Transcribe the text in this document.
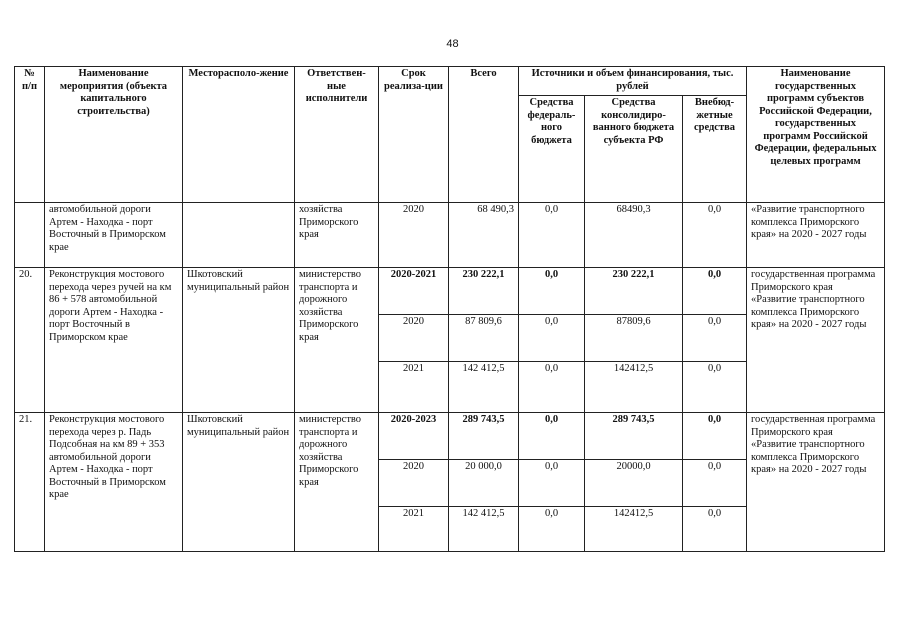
48
№ п/п	Наименование мероприятия (объекта капитального строительства)	Месторасполо-жение	Ответствен-ные исполнители	Срок реализа-ции	Всего	Источники и объем финансирования, тыс. рублей			Наименование государственных программ субъектов Российской Федерации, государственных программ Российской Федерации, федеральных целевых программ
						Средства федераль-ного бюджета	Средства консолидиро-ванного бюджета субъекта РФ	Внебюд-жетные средства	
	автомобильной дороги Артем - Находка - порт Восточный в Приморском крае		хозяйства Приморского края	2020	68 490,3	0,0	68490,3	0,0	«Развитие транспортного комплекса Приморского края» на 2020 - 2027 годы
20.	Реконструкция мостового перехода через ручей на км 86 + 578 автомобильной дороги Артем - Находка - порт Восточный в Приморском крае	Шкотовский муниципальный район	министерство транспорта и дорожного хозяйства Приморского края	2020-2021	230 222,1	0,0	230 222,1	0,0	государственная программа Приморского края «Развитие транспортного комплекса Приморского края» на 2020 - 2027 годы
				2020	87 809,6	0,0	87809,6	0,0	
				2021	142 412,5	0,0	142412,5	0,0	
21.	Реконструкция мостового перехода через р. Падь Подсобная на км 89 + 353 автомобильной дороги Артем - Находка - порт Восточный в Приморском крае	Шкотовский муниципальный район	министерство транспорта и дорожного хозяйства Приморского края	2020-2023	289 743,5	0,0	289 743,5	0,0	государственная программа Приморского края «Развитие транспортного комплекса Приморского края» на 2020 - 2027 годы
				2020	20 000,0	0,0	20000,0	0,0	
				2021	142 412,5	0,0	142412,5	0,0	
